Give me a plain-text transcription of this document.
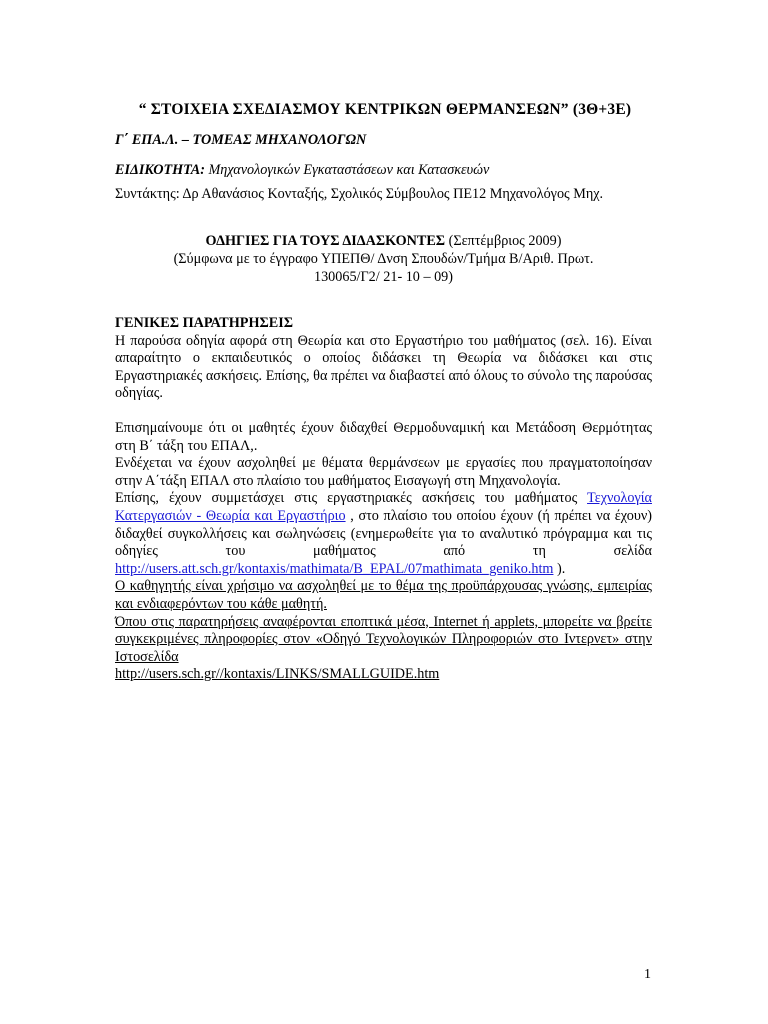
“ ΣΤΟΙΧΕΙΑ ΣΧΕΔΙΑΣΜΟΥ ΚΕΝΤΡΙΚΩΝ ΘΕΡΜΑΝΣΕΩΝ” (3Θ+3Ε)
Γ΄ ΕΠΑ.Λ. – ΤΟΜΕΑΣ ΜΗΧΑΝΟΛΟΓΩΝ
ΕΙΔΙΚΟΤΗΤΑ: Μηχανολογικών Εγκαταστάσεων και Κατασκευών
Συντάκτης: Δρ Αθανάσιος Κονταξής, Σχολικός Σύμβουλος ΠΕ12 Μηχανολόγος Μηχ.
ΟΔΗΓΙΕΣ ΓΙΑ ΤΟΥΣ ΔΙΔΑΣΚΟΝΤΕΣ (Σεπτέμβριος 2009)
(Σύμφωνα με το έγγραφο ΥΠΕΠΘ/ Δνση Σπουδών/Τμήμα Β/Αριθ. Πρωτ.
130065/Γ2/ 21- 10 – 09)

ΓΕΝΙΚΕΣ ΠΑΡΑΤΗΡΗΣΕΙΣ

Η παρούσα οδηγία αφορά στη Θεωρία και στο Εργαστήριο του μαθήματος (σελ. 16). Είναι απαραίτητο ο εκπαιδευτικός ο οποίος διδάσκει τη Θεωρία να διδάσκει και στις Εργαστηριακές ασκήσεις. Επίσης, θα πρέπει να διαβαστεί από όλους το σύνολο της παρούσας οδηγίας.

Επισημαίνουμε ότι οι μαθητές έχουν διδαχθεί Θερμοδυναμική και Μετάδοση Θερμότητας στη Β΄ τάξη του ΕΠΑΛ,.

Ενδέχεται να έχουν ασχοληθεί με θέματα θερμάνσεων με εργασίες που πραγματοποίησαν στην Α΄τάξη ΕΠΑΛ στο πλαίσιο του μαθήματος Εισαγωγή στη Μηχανολογία.

Επίσης, έχουν συμμετάσχει στις εργαστηριακές ασκήσεις του μαθήματος Τεχνολογία Κατεργασιών - Θεωρία και Εργαστήριο , στο πλαίσιο του οποίου έχουν (ή πρέπει να έχουν) διδαχθεί συγκολλήσεις και σωληνώσεις (ενημερωθείτε για το αναλυτικό πρόγραμμα και τις οδηγίες του μαθήματος από τη σελίδα http://users.att.sch.gr/kontaxis/mathimata/B_EPAL/07mathimata_geniko.htm ).

Ο καθηγητής είναι χρήσιμο να ασχοληθεί με το θέμα της προϋπάρχουσας γνώσης, εμπειρίας και ενδιαφερόντων του κάθε μαθητή.

Όπου στις παρατηρήσεις αναφέρονται εποπτικά μέσα, Internet ή applets, μπορείτε να βρείτε συγκεκριμένες πληροφορίες στον «Οδηγό Τεχνολογικών Πληροφοριών στο Ιντερνετ» στην Ιστοσελίδα

http://users.sch.gr//kontaxis/LINKS/SMALLGUIDE.htm

1
